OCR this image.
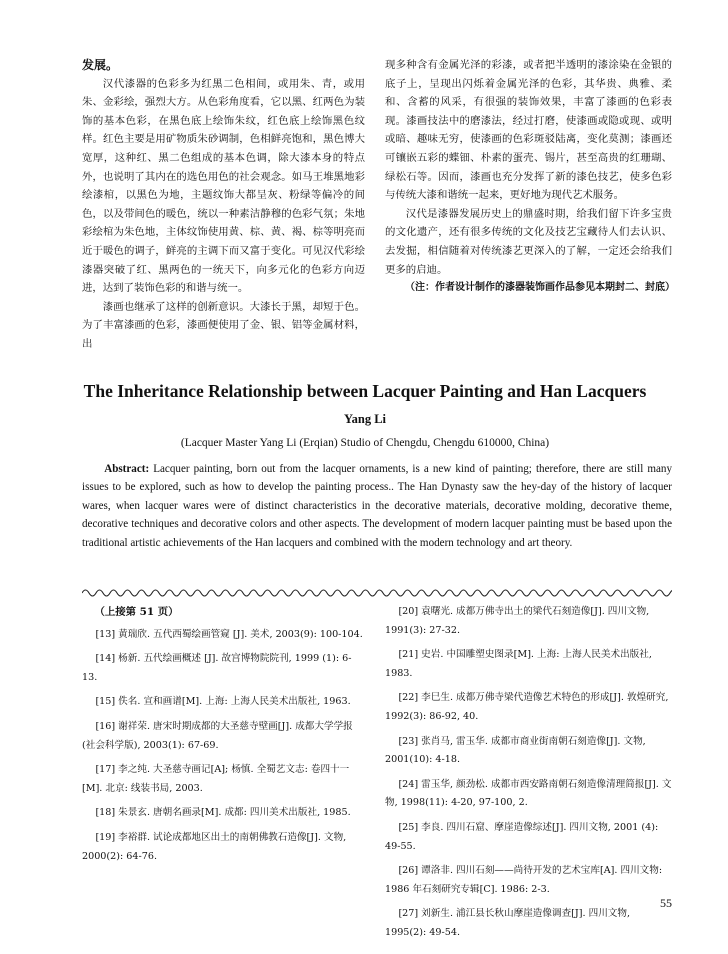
发展。

汉代漆器的色彩多为红黑二色相间，或用朱、青，或用朱、金彩绘，强烈大方。从色彩角度看，它以黑、红两色为装饰的基本色彩，在黑色底上绘饰朱纹，红色底上绘饰黑色纹样。红色主要是用矿物质朱砂调制，色相鲜亮饱和，黑色博大宽厚，这种红、黑二色组成的基本色调，除大漆本身的特点外，也说明了其内在的选色用色的社会观念。如马王堆黑地彩绘漆棺，以黑色为地，主题纹饰大都呈灰、粉绿等偏冷的间色，以及带间色的暖色，统以一种素洁静穆的色彩气氛；朱地彩绘棺为朱色地，主体纹饰使用黄、棕、黄、褐、棕等明亮而近于暖色的调子，鲜亮的主调下而又富于变化。可见汉代彩绘漆器突破了红、黑两色的一统天下，向多元化的色彩方向迈进，达到了装饰色彩的和谐与统一。

漆画也继承了这样的创新意识。大漆长于黑，却短于色。为了丰富漆画的色彩，漆画便使用了金、银、铝等金属材料，出

现多种含有金属光泽的彩漆，或者把半透明的漆涂染在金银的底子上，呈现出闪烁着金属光泽的色彩，其华贵、典雅、柔和、含蓄的风采，有很强的装饰效果，丰富了漆画的色彩表现。漆画技法中的磨漆法，经过打磨，使漆画或隐或现、或明或暗、趣味无穷，使漆画的色彩斑驳陆离，变化莫测；漆画还可镶嵌五彩的蝶钿、朴素的蛋壳、锡片，甚至高贵的红珊瑚、绿松石等。因而，漆画也充分发挥了新的漆色技艺，使多色彩与传统大漆和谐统一起来，更好地为现代艺术服务。

汉代是漆器发展历史上的鼎盛时期，给我们留下许多宝贵的文化遗产，还有很多传统的文化及技艺宝藏待人们去认识、去发掘，相信随着对传统漆艺更深入的了解，一定还会给我们更多的启迪。

（注：作者设计制作的漆器装饰画作品参见本期封二、封底）

The Inheritance Relationship between Lacquer Painting and Han Lacquers
Yang Li
(Lacquer Master Yang Li (Erqian) Studio of Chengdu, Chengdu 610000, China)
Abstract: Lacquer painting, born out from the lacquer ornaments, is a new kind of painting; therefore, there are still many issues to be explored, such as how to develop the painting process.. The Han Dynasty saw the hey-day of the history of lacquer wares, when lacquer wares were of distinct characteristics in the decorative materials, decorative molding, decorative theme, decorative techniques and decorative colors and other aspects. The development of modern lacquer painting must be based upon the traditional artistic achievements of the Han lacquers and combined with the modern technology and art theory.

（上接第 51 页）

[13] 黄瑞欣. 五代西蜀绘画管窥 [J]. 美术, 2003(9): 100-104.

[14] 杨新. 五代绘画概述 [J]. 故宫博物院院刊, 1999 (1): 6-13.

[15] 佚名. 宣和画谱[M]. 上海: 上海人民美术出版社, 1963.

[16] 谢祥荣. 唐宋时期成都的大圣慈寺壁画[J]. 成都大学学报(社会科学版), 2003(1): 67-69.

[17] 李之纯. 大圣慈寺画记[A]; 杨慎. 全蜀艺文志: 卷四十一[M]. 北京: 线装书局, 2003.

[18] 朱景玄. 唐朝名画录[M]. 成都: 四川美术出版社, 1985.

[19] 李裕群. 试论成都地区出土的南朝佛教石造像[J]. 文物, 2000(2): 64-76.

[20] 袁曙光. 成都万佛寺出土的梁代石刻造像[J]. 四川文物, 1991(3): 27-32.

[21] 史岩. 中国雕塑史图录[M]. 上海: 上海人民美术出版社, 1983.

[22] 李巳生. 成都万佛寺梁代造像艺术特色的形成[J]. 敦煌研究, 1992(3): 86-92, 40.

[23] 张肖马, 雷玉华. 成都市商业街南朝石刻造像[J]. 文物, 2001(10): 4-18.

[24] 雷玉华, 颜劲松. 成都市西安路南朝石刻造像清理简报[J]. 文物, 1998(11): 4-20, 97-100, 2.

[25] 李良. 四川石窟、摩崖造像综述[J]. 四川文物, 2001 (4): 49-55.

[26] 谭洛非. 四川石刻——尚待开发的艺术宝库[A]. 四川文物: 1986 年石刻研究专辑[C]. 1986: 2-3.

[27] 刘新生. 浦江县长秋山摩崖造像调查[J]. 四川文物, 1995(2): 49-54.

55
